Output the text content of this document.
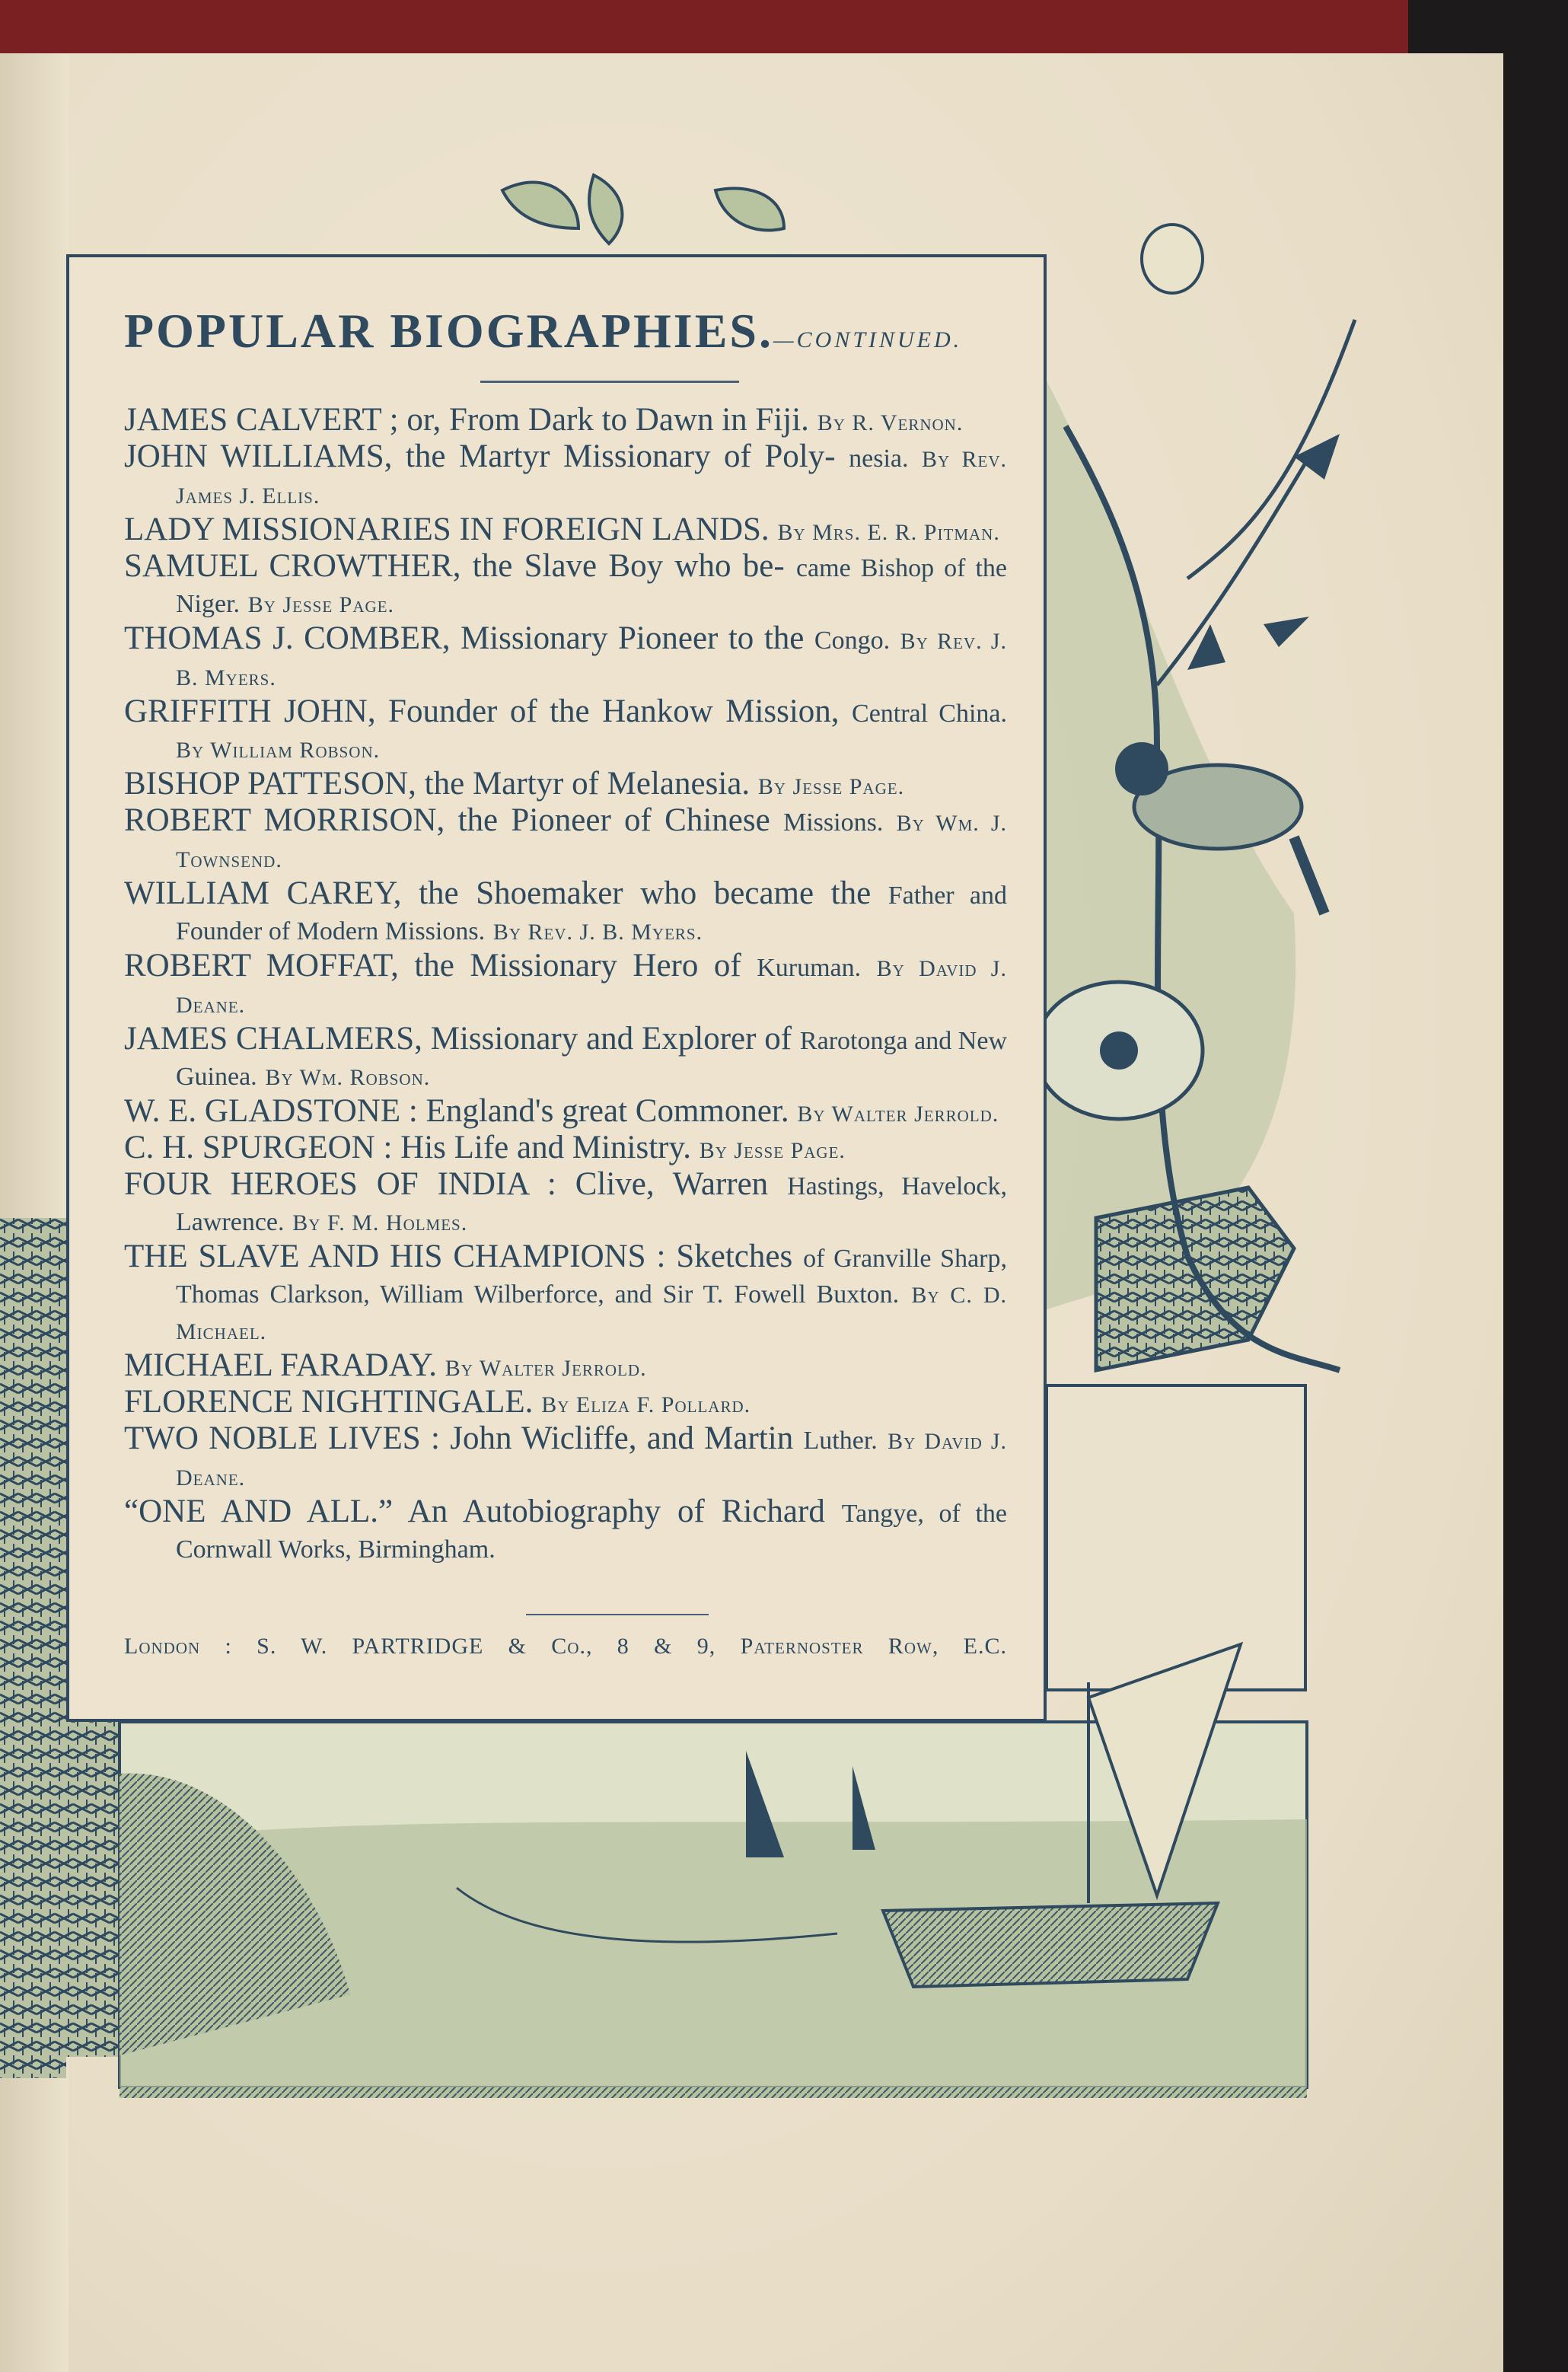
POPULAR BIOGRAPHIES.—CONTINUED.
JAMES CALVERT ; or, From Dark to Dawn in Fiji. By R. Vernon.
JOHN WILLIAMS, the Martyr Missionary of Poly- nesia. By Rev. James J. Ellis.
LADY MISSIONARIES IN FOREIGN LANDS. By Mrs. E. R. Pitman.
SAMUEL CROWTHER, the Slave Boy who be- came Bishop of the Niger. By Jesse Page.
THOMAS J. COMBER, Missionary Pioneer to the Congo. By Rev. J. B. Myers.
GRIFFITH JOHN, Founder of the Hankow Mission, Central China. By William Robson.
BISHOP PATTESON, the Martyr of Melanesia. By Jesse Page.
ROBERT MORRISON, the Pioneer of Chinese Missions. By Wm. J. Townsend.
WILLIAM CAREY, the Shoemaker who became the Father and Founder of Modern Missions. By Rev. J. B. Myers.
ROBERT MOFFAT, the Missionary Hero of Kuruman. By David J. Deane.
JAMES CHALMERS, Missionary and Explorer of Rarotonga and New Guinea. By Wm. Robson.
W. E. GLADSTONE : England's great Commoner. By Walter Jerrold.
C. H. SPURGEON : His Life and Ministry. By Jesse Page.
FOUR HEROES OF INDIA : Clive, Warren Hastings, Havelock, Lawrence. By F. M. Holmes.
THE SLAVE AND HIS CHAMPIONS : Sketches of Granville Sharp, Thomas Clarkson, William Wilberforce, and Sir T. Fowell Buxton. By C. D. Michael.
MICHAEL FARADAY. By Walter Jerrold.
FLORENCE NIGHTINGALE. By Eliza F. Pollard.
TWO NOBLE LIVES : John Wicliffe, and Martin Luther. By David J. Deane.
“ONE AND ALL.” An Autobiography of Richard Tangye, of the Cornwall Works, Birmingham.
London : S. W. PARTRIDGE & Co., 8 & 9, Paternoster Row, E.C.
